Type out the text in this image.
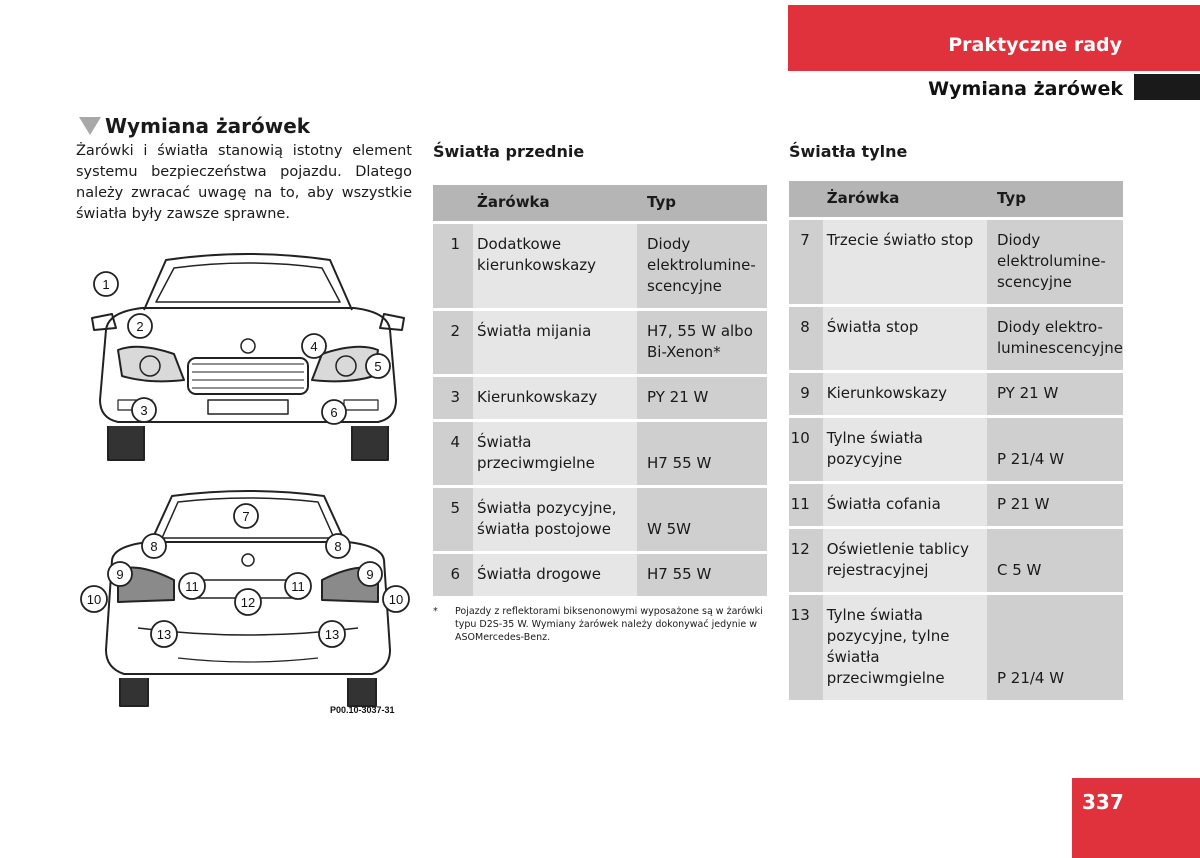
Praktyczne rady
Wymiana żarówek
Wymiana żarówek
Żarówki i światła stanowią istotny element systemu bezpieczeństwa pojazdu. Dlatego należy zwracać uwagę na to, aby wszystkie światła były zawsze sprawne.
1
2
3
4
5
6
7
8	8
9	9
10	10
11	11
12
13	13
P00.10-3037-31
Światła przednie
	Żarówka	Typ
1	Dodatkowe kierunkowskazy	Diody elektrolumine-scencyjne
2	Światła mijania	H7, 55 W albo Bi-Xenon*
3	Kierunkowskazy	PY 21 W
4	Światła przeciwmgielne	H7 55 W
5	Światła pozycyjne, światła postojowe	W 5W
6	Światła drogowe	H7 55 W
*	Pojazdy z reflektorami biksenonowymi wyposażone są w żarówki typu D2S-35 W. Wymiany żarówek należy dokonywać jedynie w ASOMercedes-Benz.
Światła tylne
	Żarówka	Typ
7	Trzecie światło stop	Diody elektrolumine-scencyjne
8	Światła stop	Diody elektro-luminescencyjne
9	Kierunkowskazy	PY 21 W
10	Tylne światła pozycyjne	P 21/4 W
11	Światła cofania	P 21 W
12	Oświetlenie tablicy rejestracyjnej	C 5 W
13	Tylne światła pozycyjne, tylne światła przeciwmgielne	P 21/4 W
337
